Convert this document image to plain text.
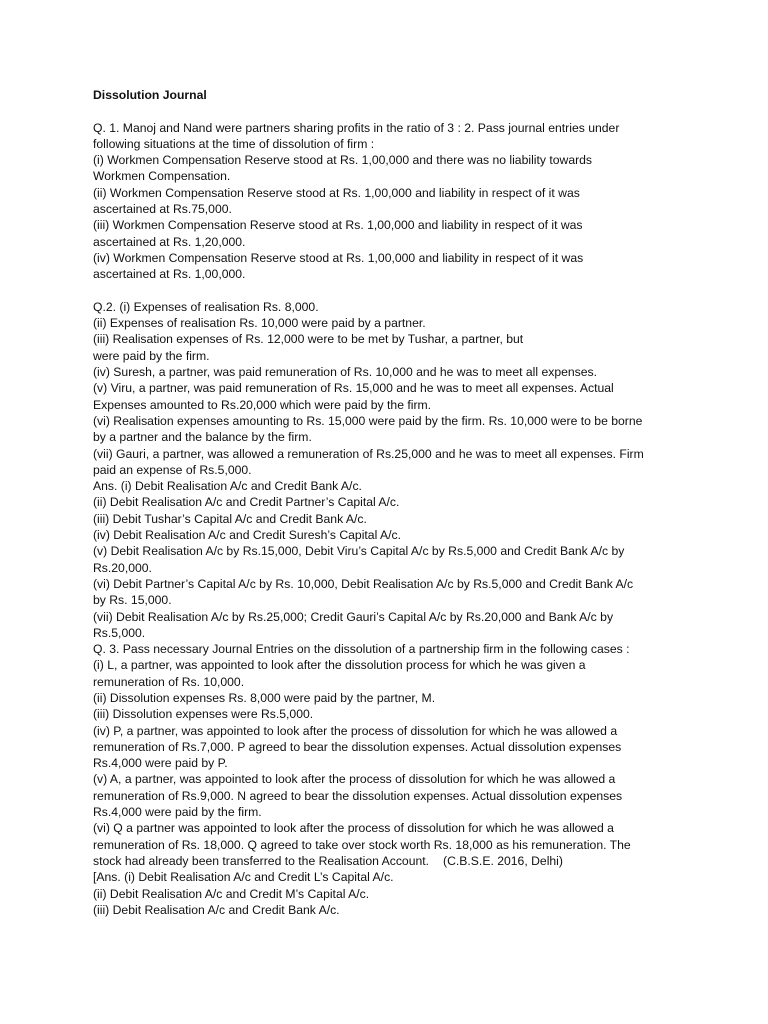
Dissolution Journal

Q. 1. Manoj and Nand were partners sharing profits in the ratio of 3 : 2. Pass journal entries under

following situations at the time of dissolution of firm :

(i) Workmen Compensation Reserve stood at Rs. 1,00,000 and there was no liability towards

Workmen Compensation.

(ii) Workmen Compensation Reserve stood at Rs. 1,00,000 and liability in respect of it was

ascertained at Rs.75,000.

(iii) Workmen Compensation Reserve stood at Rs. 1,00,000 and liability in respect of it was

ascertained at Rs. 1,20,000.

(iv) Workmen Compensation Reserve stood at Rs. 1,00,000 and liability in respect of it was

ascertained at Rs. 1,00,000.

Q.2. (i) Expenses of realisation Rs. 8,000.

(ii) Expenses of realisation Rs. 10,000 were paid by a partner.

(iii) Realisation expenses of Rs. 12,000 were to be met by Tushar, a partner, but

were paid by the firm.

(iv) Suresh, a partner, was paid remuneration of Rs. 10,000 and he was to meet all expenses.

(v) Viru, a partner, was paid remuneration of Rs. 15,000 and he was to meet all expenses. Actual

Expenses amounted to Rs.20,000 which were paid by the firm.

(vi) Realisation expenses amounting to Rs. 15,000 were paid by the firm. Rs. 10,000 were to be borne

by a partner and the balance by the firm.

(vii) Gauri, a partner, was allowed a remuneration of Rs.25,000 and he was to meet all expenses. Firm

paid an expense of Rs.5,000.

Ans. (i) Debit Realisation A/c and Credit Bank A/c.

(ii) Debit Realisation A/c and Credit Partner’s Capital A/c.

(iii) Debit Tushar’s Capital A/c and Credit Bank A/c.

(iv) Debit Realisation A/c and Credit Suresh’s Capital A/c.

(v) Debit Realisation A/c by Rs.15,000, Debit Viru’s Capital A/c by Rs.5,000 and Credit Bank A/c by

Rs.20,000.

(vi) Debit Partner’s Capital A/c by Rs. 10,000, Debit Realisation A/c by Rs.5,000 and Credit Bank A/c

by Rs. 15,000.

(vii) Debit Realisation A/c by Rs.25,000; Credit Gauri’s Capital A/c by Rs.20,000 and Bank A/c by

Rs.5,000.

Q. 3. Pass necessary Journal Entries on the dissolution of a partnership firm in the following cases :

(i) L, a partner, was appointed to look after the dissolution process for which he was given a

remuneration of Rs. 10,000.

(ii) Dissolution expenses Rs. 8,000 were paid by the partner, M.

(iii) Dissolution expenses were Rs.5,000.

(iv) P, a partner, was appointed to look after the process of dissolution for which he was allowed a

remuneration of Rs.7,000. P agreed to bear the dissolution expenses. Actual dissolution expenses

Rs.4,000 were paid by P.

(v) A, a partner, was appointed to look after the process of dissolution for which he was allowed a

remuneration of Rs.9,000. N agreed to bear the dissolution expenses. Actual dissolution expenses

Rs.4,000 were paid by the firm.

(vi) Q a partner was appointed to look after the process of dissolution for which he was allowed a

remuneration of Rs. 18,000. Q agreed to take over stock worth Rs. 18,000 as his remuneration. The

stock had already been transferred to the Realisation Account. (C.B.S.E. 2016, Delhi)

[Ans. (i) Debit Realisation A/c and Credit L’s Capital A/c.

(ii) Debit Realisation A/c and Credit M’s Capital A/c.

(iii) Debit Realisation A/c and Credit Bank A/c.
